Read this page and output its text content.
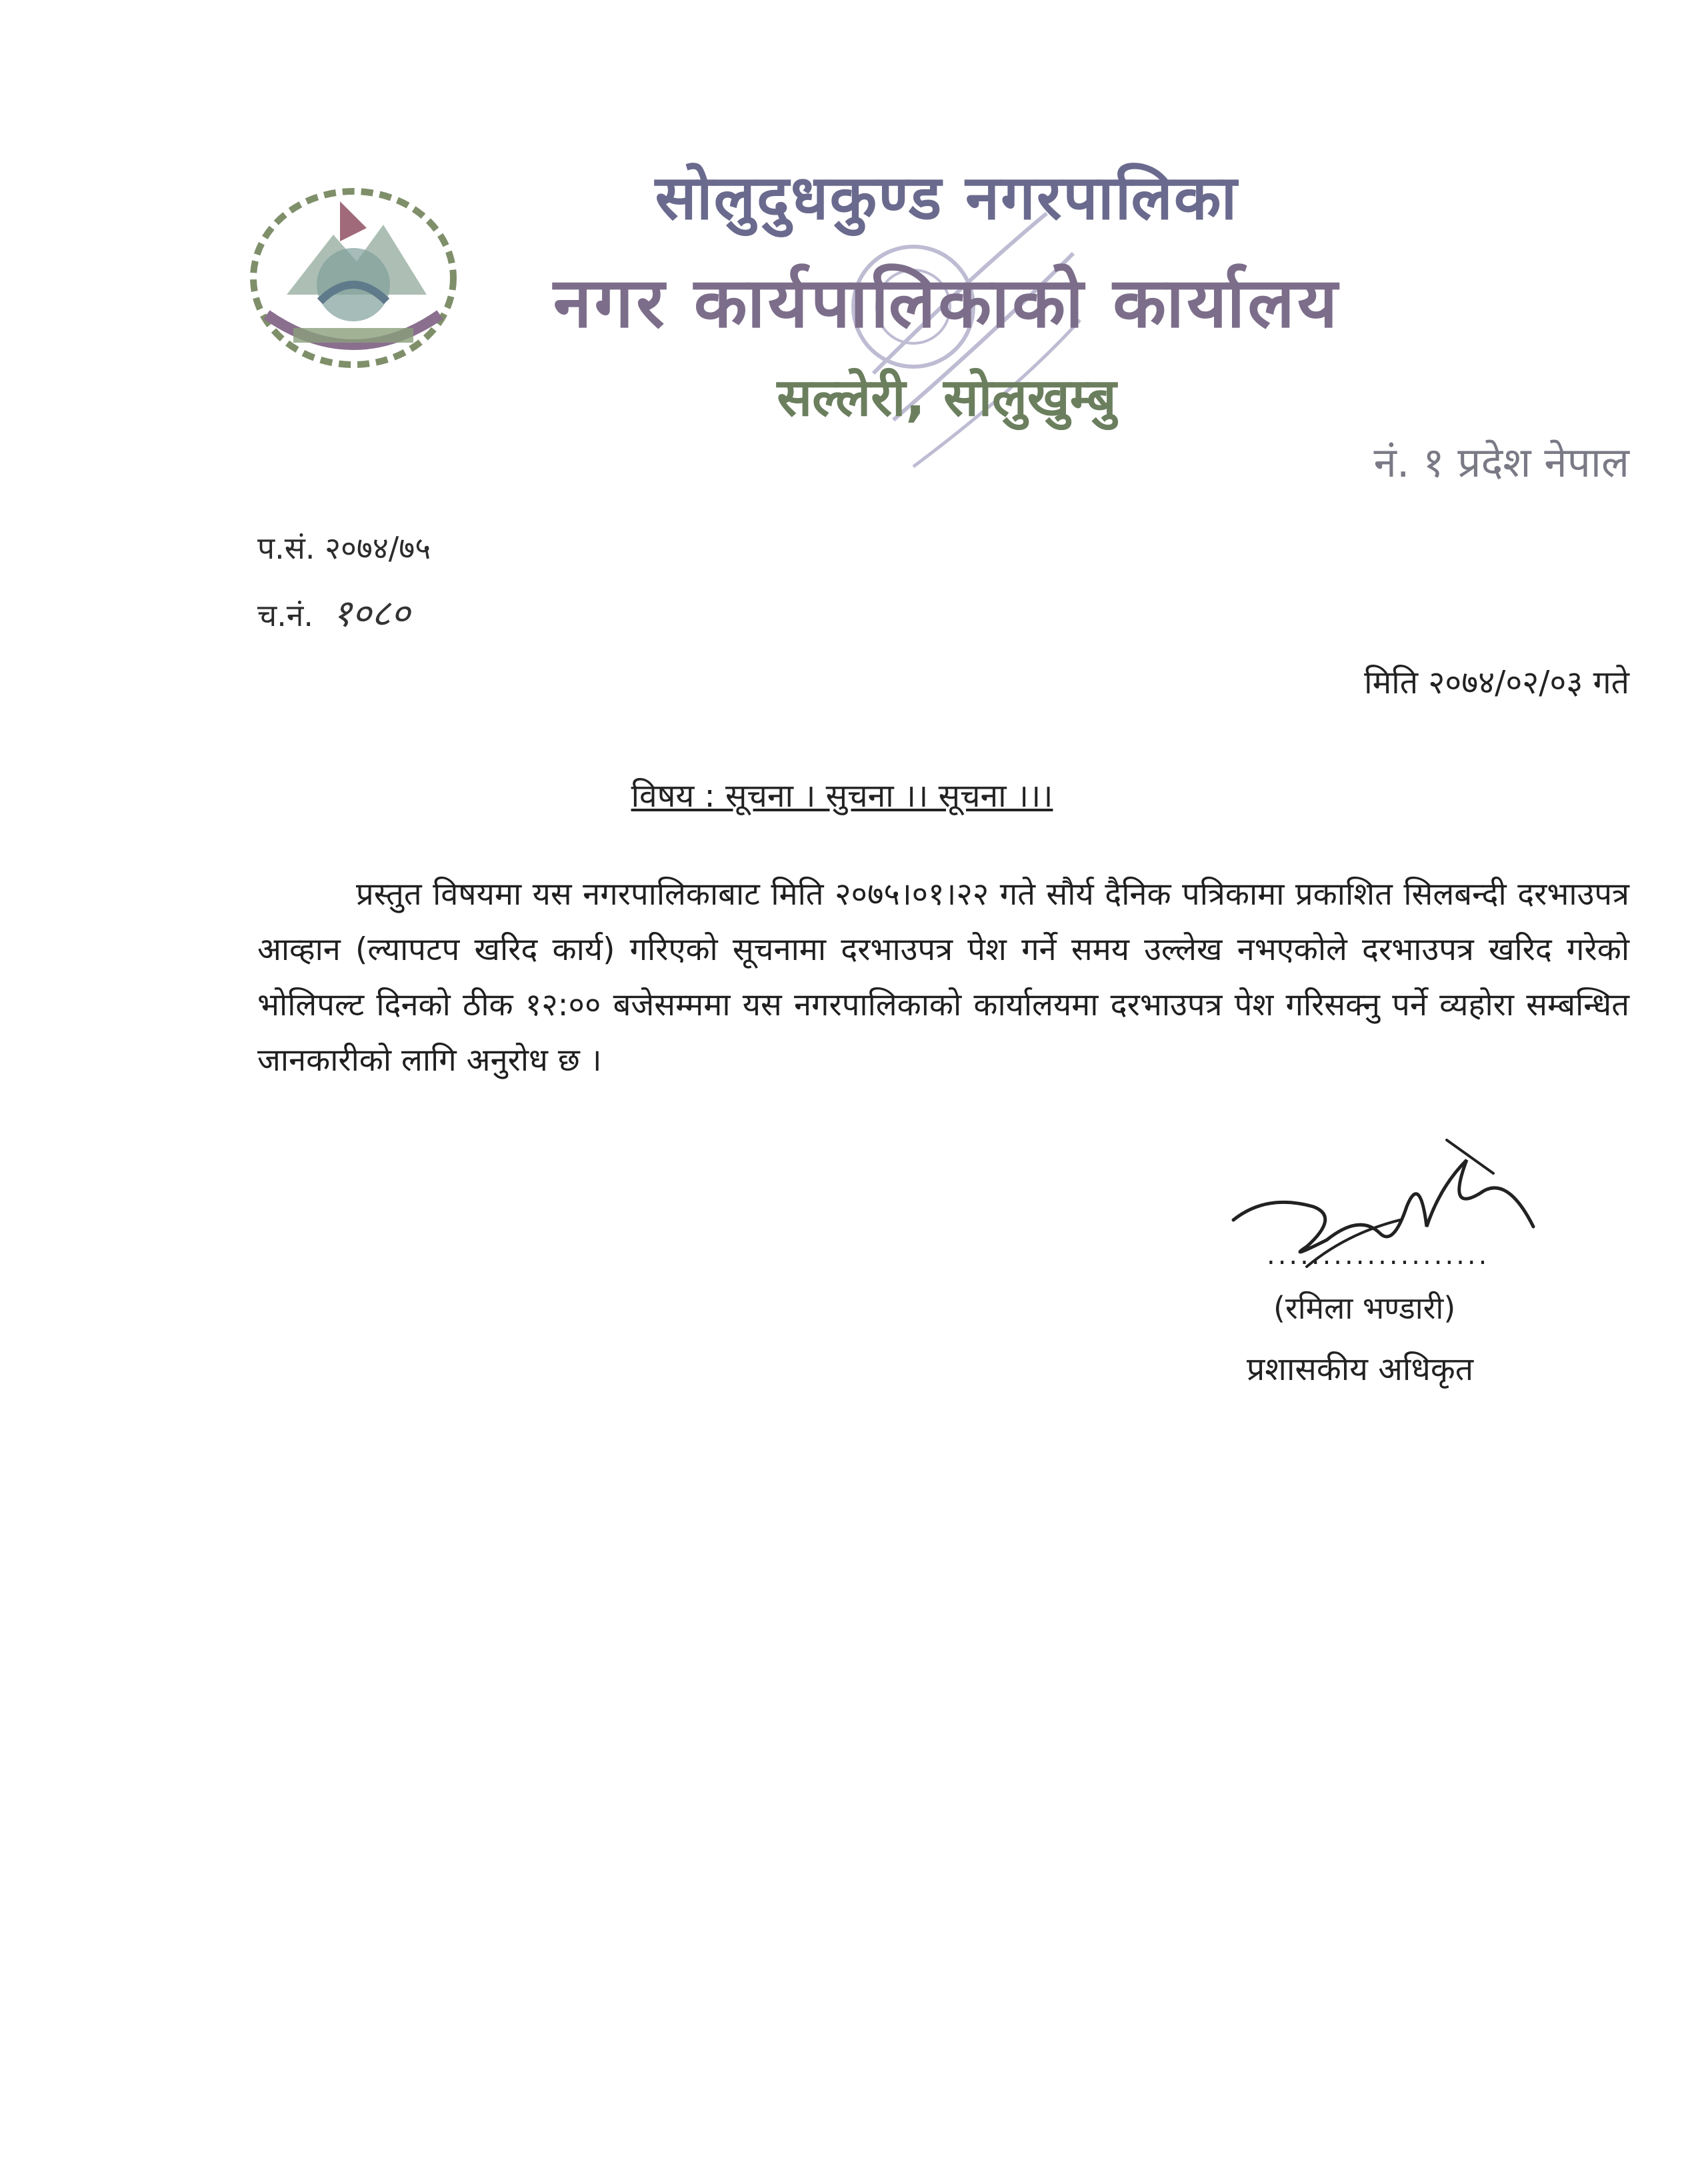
सोलुदुधकुण्ड नगरपालिका
नगर कार्यपालिकाको कार्यालय
सल्लेरी, सोलुखुम्बु
नं. १ प्रदेश नेपाल
प.सं. २०७४/७५
च.नं. १०८०
मिति २०७४/०२/०३ गते
विषय : सूचना । सुचना ।। सूचना ।।।
प्रस्तुत विषयमा यस नगरपालिकाबाट मिति २०७५।०१।२२ गते सौर्य दैनिक पत्रिकामा प्रकाशित सिलबन्दी दरभाउपत्र आव्हान (ल्यापटप खरिद कार्य) गरिएको सूचनामा दरभाउपत्र पेश गर्ने समय उल्लेख नभएकोले दरभाउपत्र खरिद गरेको भोलिपल्ट दिनको ठीक १२:०० बजेसम्ममा यस नगरपालिकाको कार्यालयमा दरभाउपत्र पेश गरिसक्नु पर्ने व्यहोरा सम्बन्धित जानकारीको लागि अनुरोध छ ।
....................
(रमिला भण्डारी)
प्रशासकीय अधिकृत
